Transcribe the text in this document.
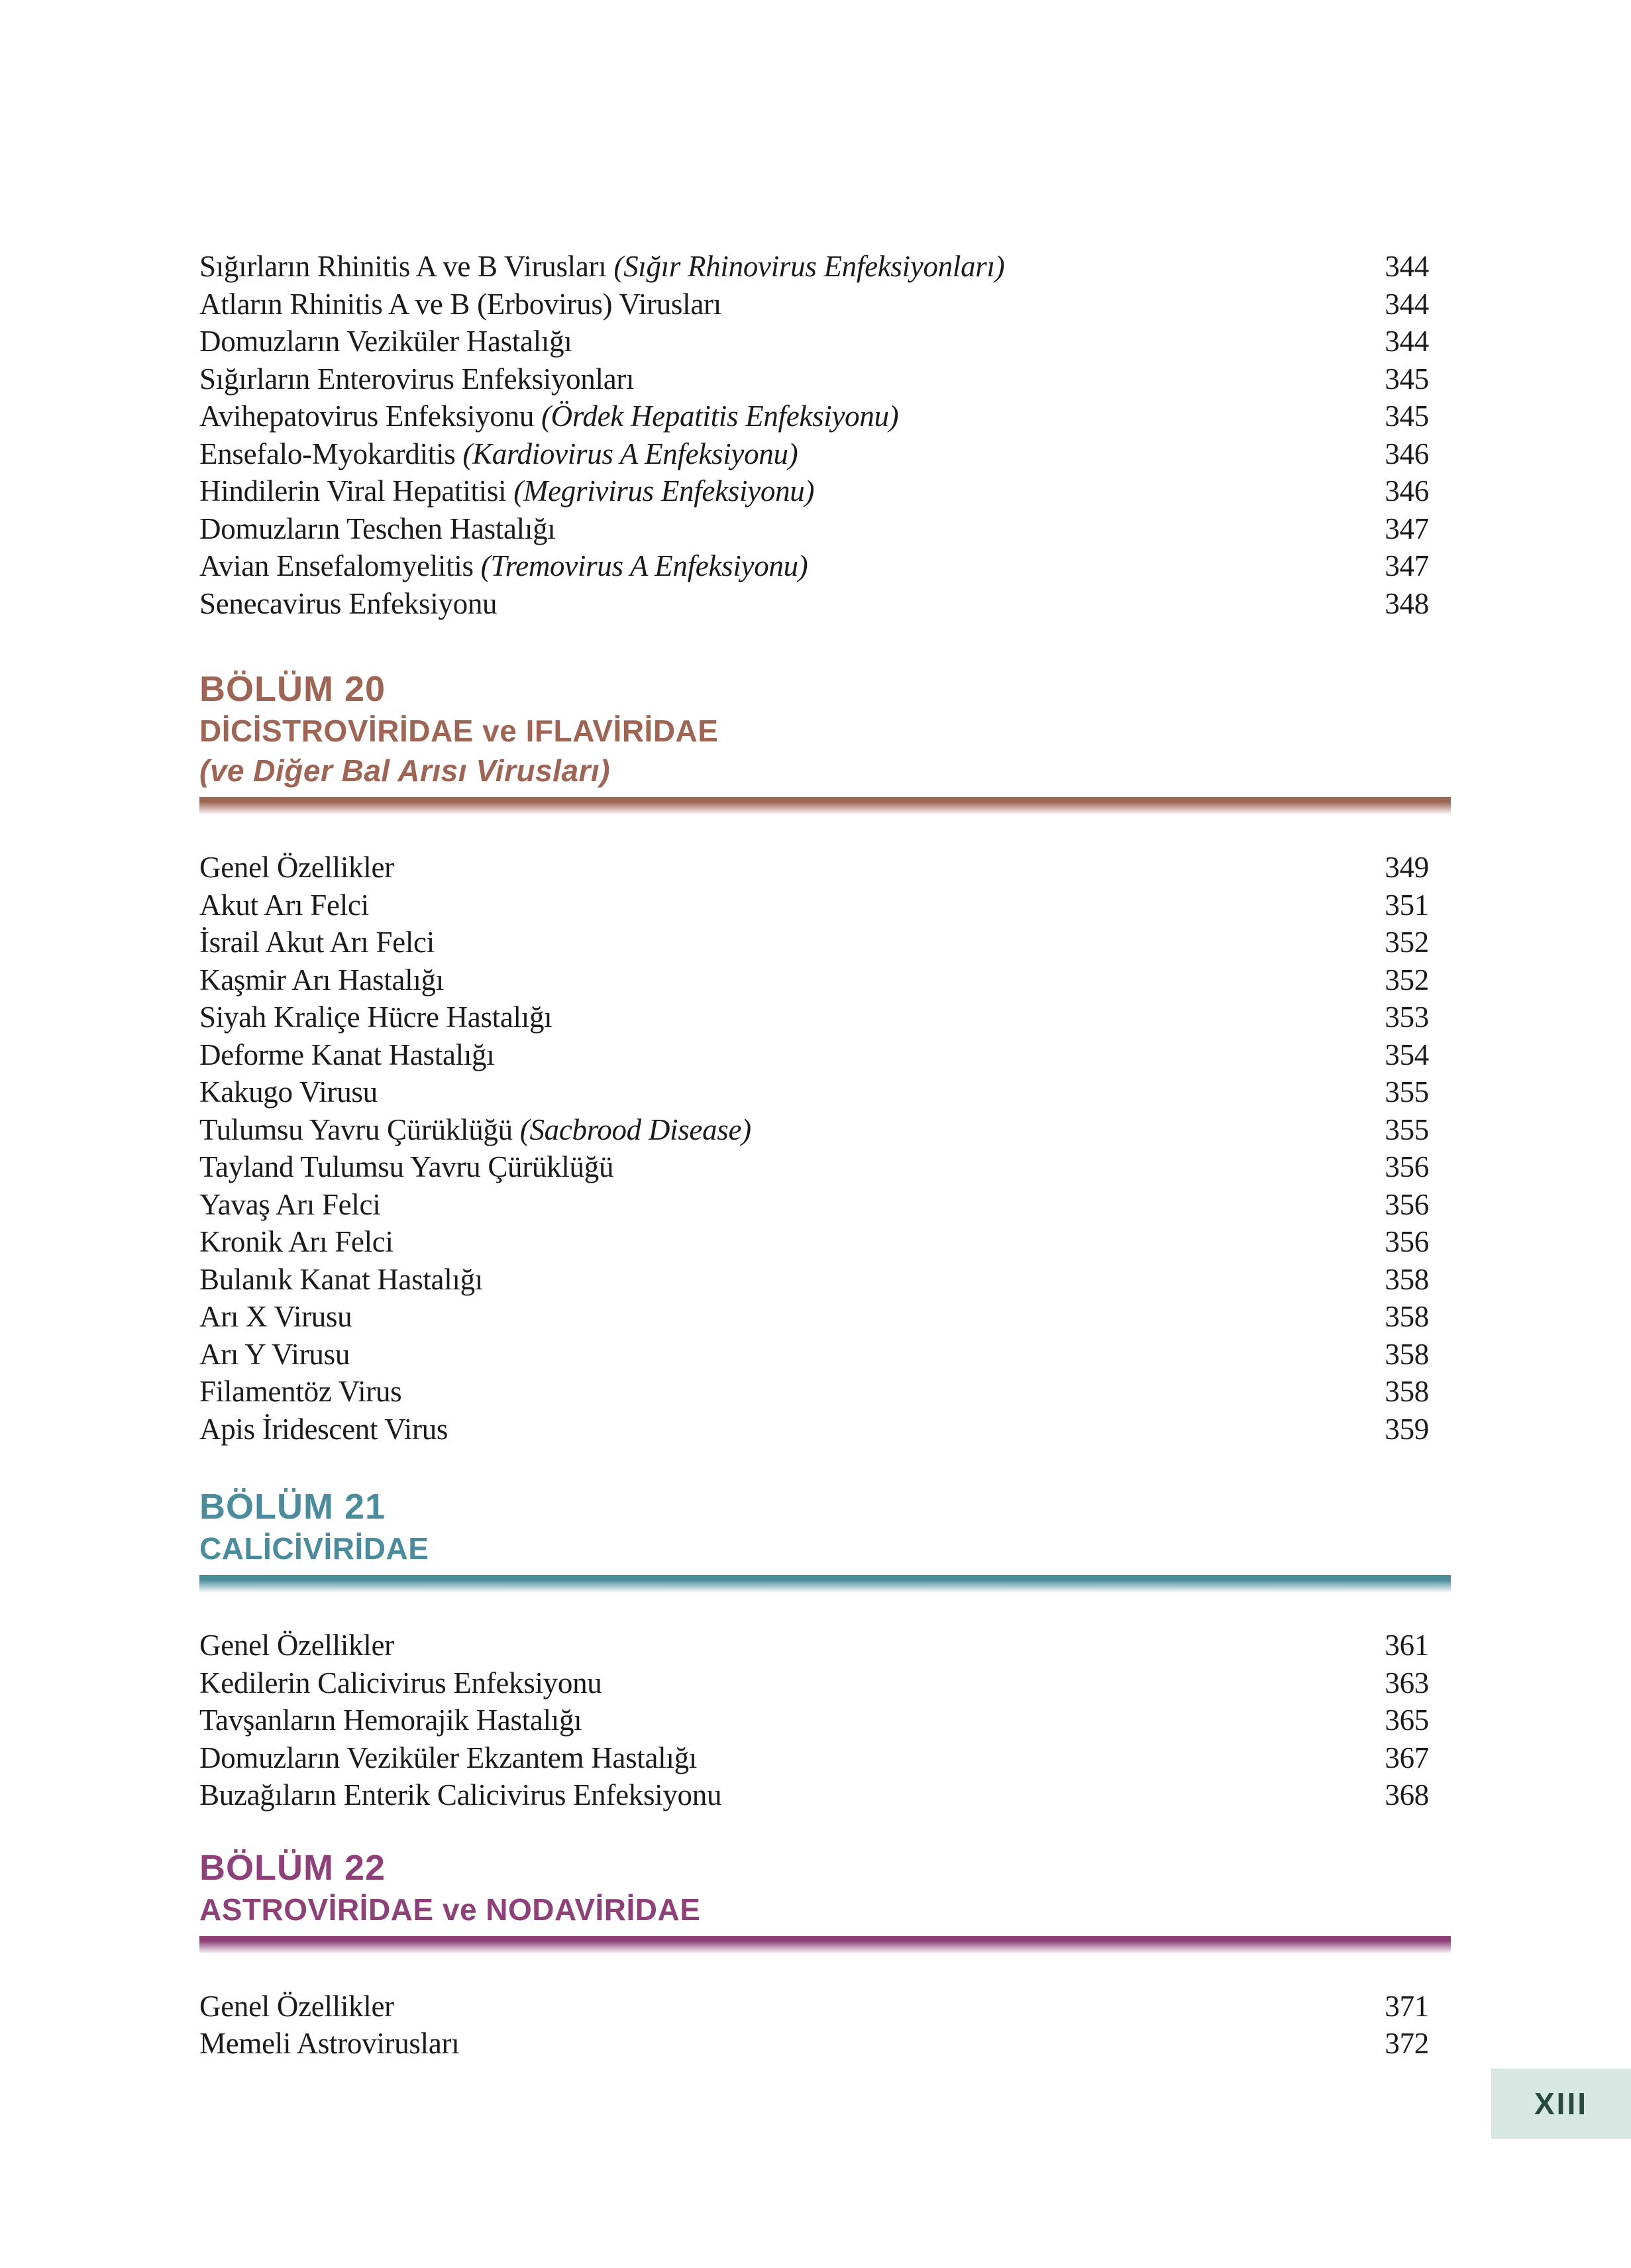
Sığırların Rhinitis A ve B Virusları (Sığır Rhinovirus Enfeksiyonları)	344
Atların Rhinitis A ve B (Erbovirus) Virusları	344
Domuzların Veziküler Hastalığı	344
Sığırların Enterovirus Enfeksiyonları	345
Avihepatovirus Enfeksiyonu (Ördek Hepatitis Enfeksiyonu)	345
Ensefalo-Myokarditis (Kardiovirus A Enfeksiyonu)	346
Hindilerin Viral Hepatitisi (Megrivirus Enfeksiyonu)	346
Domuzların Teschen Hastalığı	347
Avian Ensefalomyelitis (Tremovirus A Enfeksiyonu)	347
Senecavirus Enfeksiyonu	348
BÖLÜM 20
DİCİSTROVİRİDAE ve IFLAVİRİDAE
(ve Diğer Bal Arısı Virusları)
Genel Özellikler	349
Akut Arı Felci	351
İsrail Akut Arı Felci	352
Kaşmir Arı Hastalığı	352
Siyah Kraliçe Hücre Hastalığı	353
Deforme Kanat Hastalığı	354
Kakugo Virusu	355
Tulumsu Yavru Çürüklüğü (Sacbrood Disease)	355
Tayland Tulumsu Yavru Çürüklüğü	356
Yavaş Arı Felci	356
Kronik Arı Felci	356
Bulanık Kanat Hastalığı	358
Arı X Virusu	358
Arı Y Virusu	358
Filamentöz Virus	358
Apis İridescent Virus	359
BÖLÜM 21
CALİCİVİRİDAE
Genel Özellikler	361
Kedilerin Calicivirus Enfeksiyonu	363
Tavşanların Hemorajik Hastalığı	365
Domuzların Veziküler Ekzantem Hastalığı	367
Buzağıların Enterik Calicivirus Enfeksiyonu	368
BÖLÜM 22
ASTROVİRİDAE ve NODAVİRİDAE
Genel Özellikler	371
Memeli Astrovirusları	372
XIII
